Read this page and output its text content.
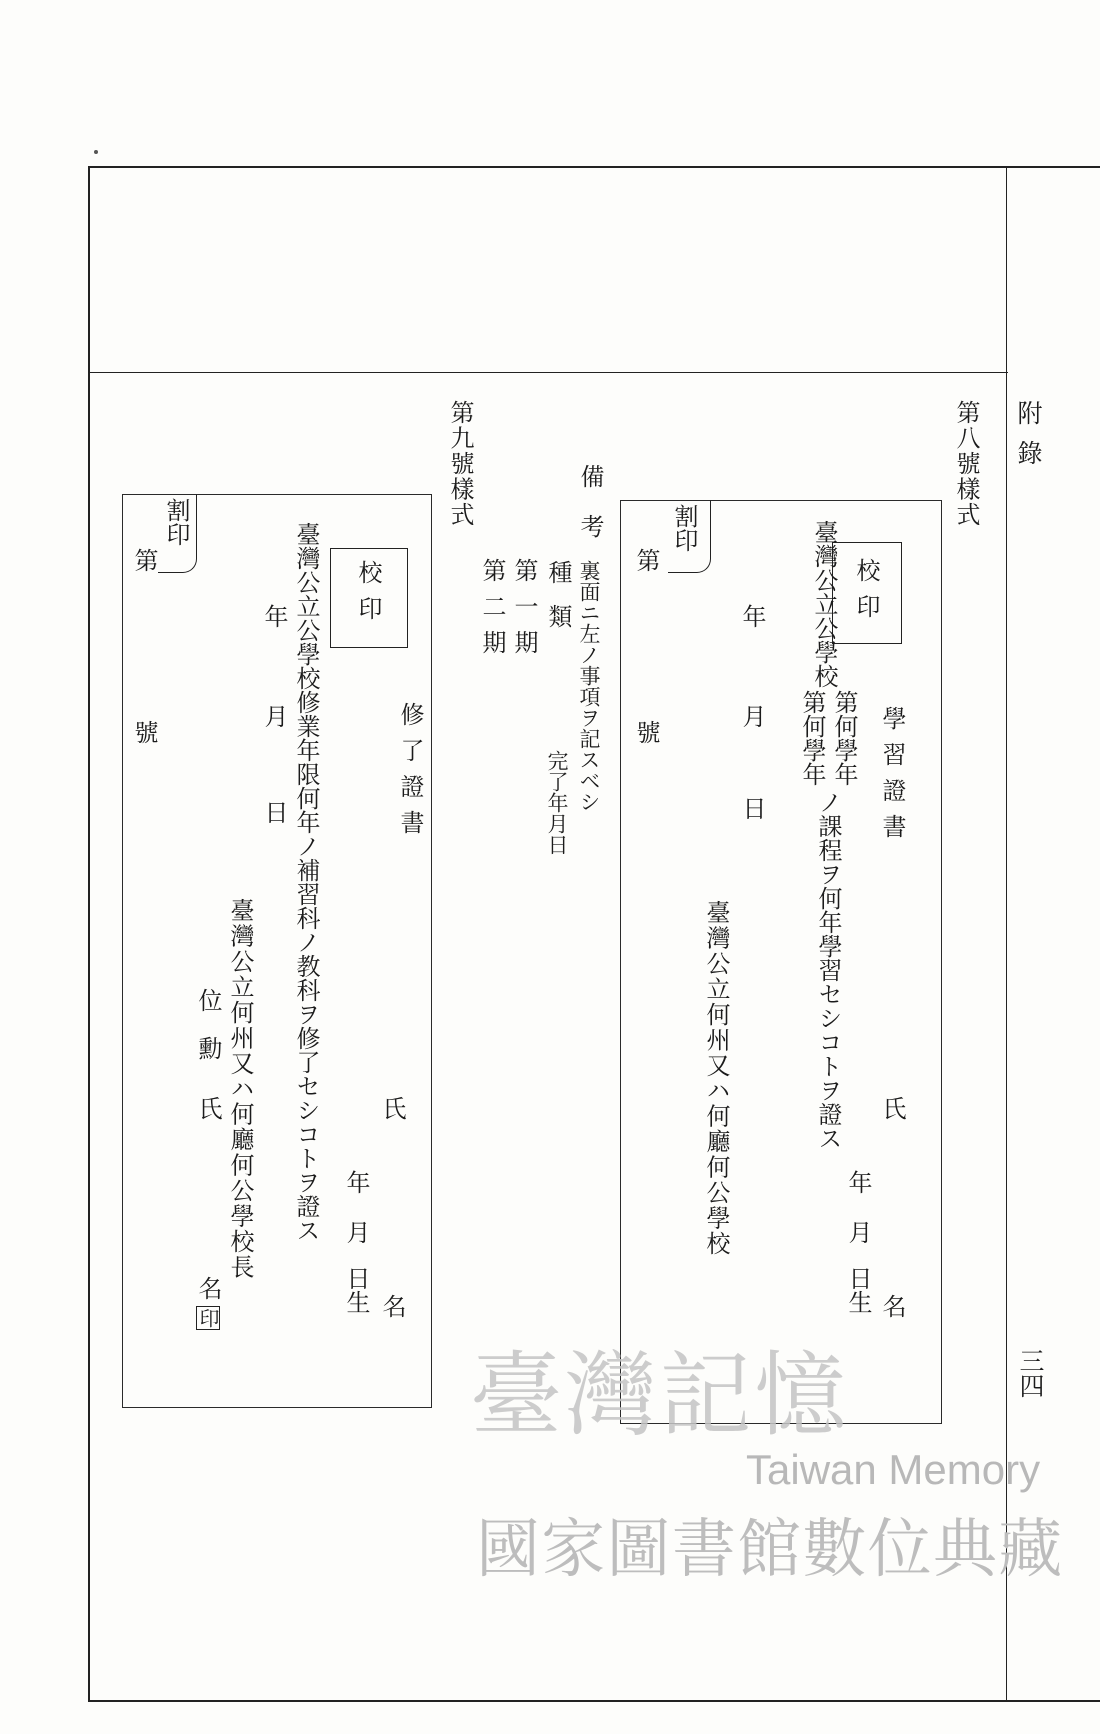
附錄
三四
第八號樣式
割印
第
號
校印
學習證書
臺灣公立公學校
第何學年
第何學年
ノ課程ヲ何年學習セシコトヲ證ス
年
月
日
臺灣公立何州又ハ何廳何公學校	氏
名
年
月
日生
備
考
裏面ニ左ノ事項ヲ記スベシ
種
類
完了年月日
第一期
第二期
第九號樣式
割印
第
號
校印
修了證書
臺灣公立公學校修業年限何年ノ補習科ノ教科ヲ修了セシコトヲ證ス
年
月
日
臺灣公立何州又ハ何廳何公學校長
位
勳
氏
名
印
氏
名
年
月
日生
臺灣記憶
Taiwan Memory
國家圖書館數位典藏
